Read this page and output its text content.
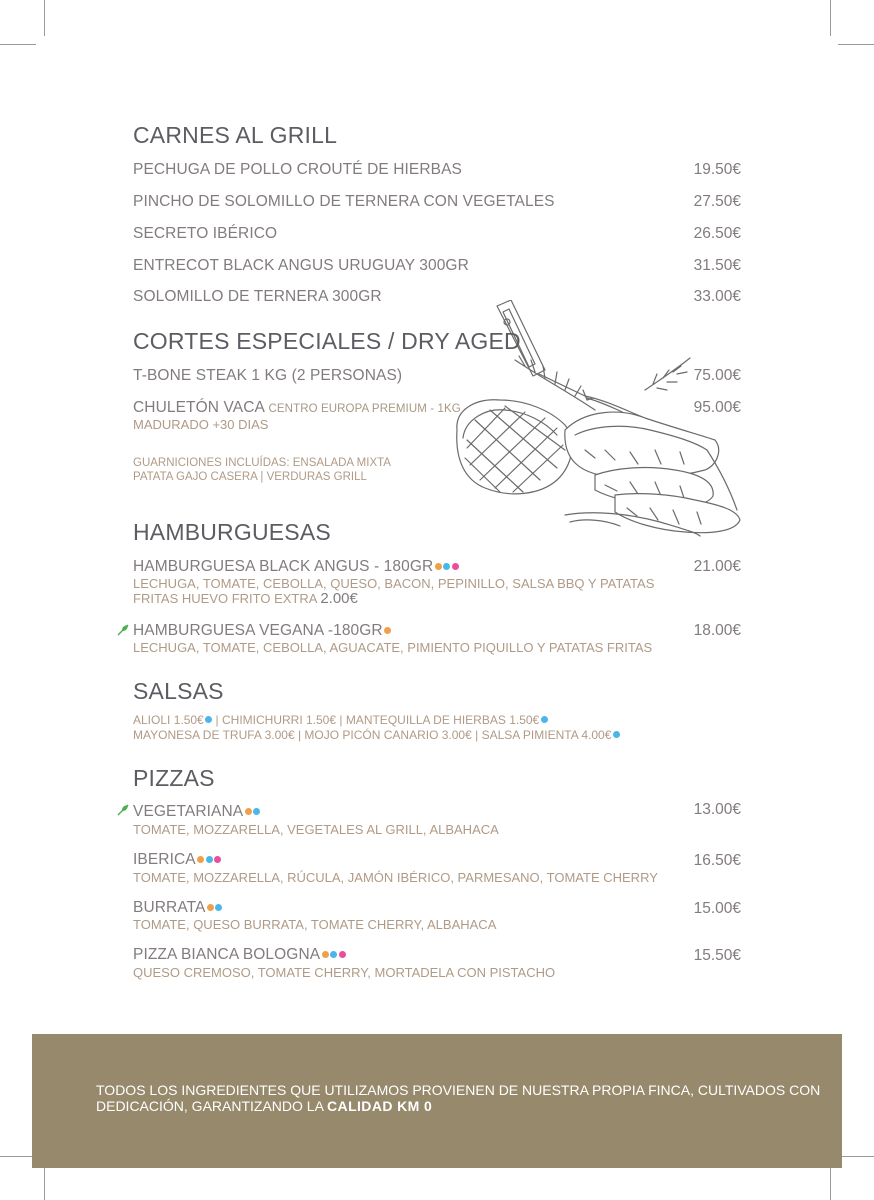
CARNES AL GRILL
PECHUGA DE POLLO CROUTÉ DE HIERBAS	19.50€
PINCHO DE SOLOMILLO DE TERNERA CON VEGETALES	27.50€
SECRETO IBÉRICO	26.50€
ENTRECOT BLACK ANGUS URUGUAY 300GR	31.50€
SOLOMILLO DE TERNERA 300GR	33.00€
CORTES ESPECIALES / DRY AGED
T-BONE STEAK 1 KG (2 PERSONAS)	75.00€
CHULETÓN VACA CENTRO EUROPA PREMIUM - 1KG	95.00€
MADURADO +30 DIAS
GUARNICIONES INCLUÍDAS: ENSALADA MIXTA
PATATA GAJO CASERA | VERDURAS GRILL
HAMBURGUESAS
HAMBURGUESA BLACK ANGUS - 180GR	21.00€
LECHUGA, TOMATE, CEBOLLA, QUESO, BACON, PEPINILLO, SALSA BBQ Y PATATAS
FRITAS HUEVO FRITO EXTRA 2.00€
HAMBURGUESA VEGANA -180GR	18.00€
LECHUGA, TOMATE, CEBOLLA, AGUACATE, PIMIENTO PIQUILLO Y PATATAS FRITAS
SALSAS
ALIOLI 1.50€ | CHIMICHURRI 1.50€ | MANTEQUILLA DE HIERBAS 1.50€
MAYONESA DE TRUFA 3.00€ | MOJO PICÓN CANARIO 3.00€ | SALSA PIMIENTA 4.00€
PIZZAS
VEGETARIANA	13.00€
TOMATE, MOZZARELLA, VEGETALES AL GRILL, ALBAHACA
IBERICA	16.50€
TOMATE, MOZZARELLA, RÚCULA, JAMÓN IBÉRICO, PARMESANO, TOMATE CHERRY
BURRATA	15.00€
TOMATE, QUESO BURRATA, TOMATE CHERRY, ALBAHACA
PIZZA BIANCA BOLOGNA	15.50€
QUESO CREMOSO, TOMATE CHERRY, MORTADELA CON PISTACHO
TODOS LOS INGREDIENTES QUE UTILIZAMOS PROVIENEN DE NUESTRA PROPIA FINCA, CULTIVADOS CON
DEDICACIÓN, GARANTIZANDO LA CALIDAD KM 0
